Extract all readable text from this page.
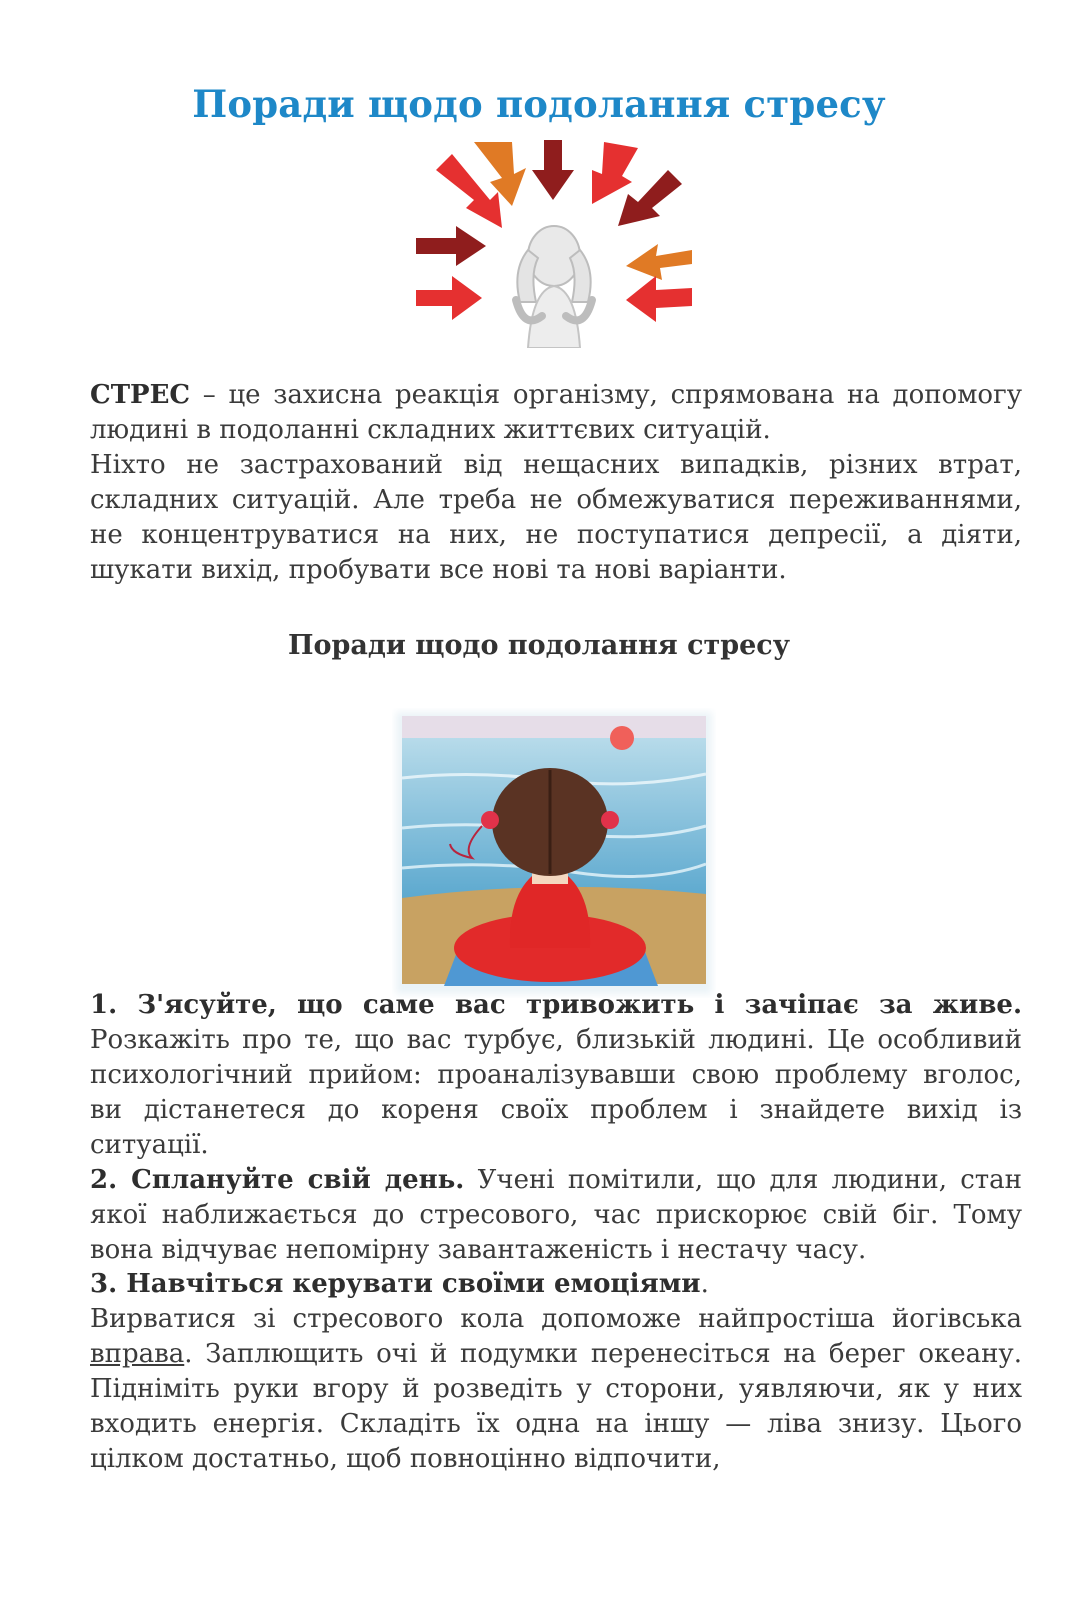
Поради щодо подолання стресу
СТРЕС – це захисна реакція організму, спрямована на допомогу людині в подоланні складних життєвих ситуацій.
Ніхто не застрахований від нещасних випадків, різних втрат, складних ситуацій. Але треба не обмежуватися переживаннями, не концентруватися на них, не поступатися депресії, а діяти, шукати вихід, пробувати все нові та нові варіанти.
Поради щодо подолання стресу
1. З'ясуйте, що саме вас тривожить і зачіпає за живе. Розкажіть про те, що вас турбує, близькій людині. Це особливий психологічний прийом: проаналізувавши свою проблему вголос, ви дістанетеся до кореня своїх проблем і знайдете вихід із ситуації.
2. Сплануйте свій день. Учені помітили, що для людини, стан якої наближається до стресового, час прискорює свій біг. Тому вона відчуває непомірну завантаженість і нестачу часу.
3. Навчіться керувати своїми емоціями.
Вирватися зі стресового кола допоможе найпростіша йогівська вправа. Заплющить очі й подумки перенесіться на берег океану. Підніміть руки вгору й розведіть у сторони, уявляючи, як у них входить енергія. Складіть їх одна на іншу — ліва знизу. Цього цілком достатньо, щоб повноцінно відпочити,
